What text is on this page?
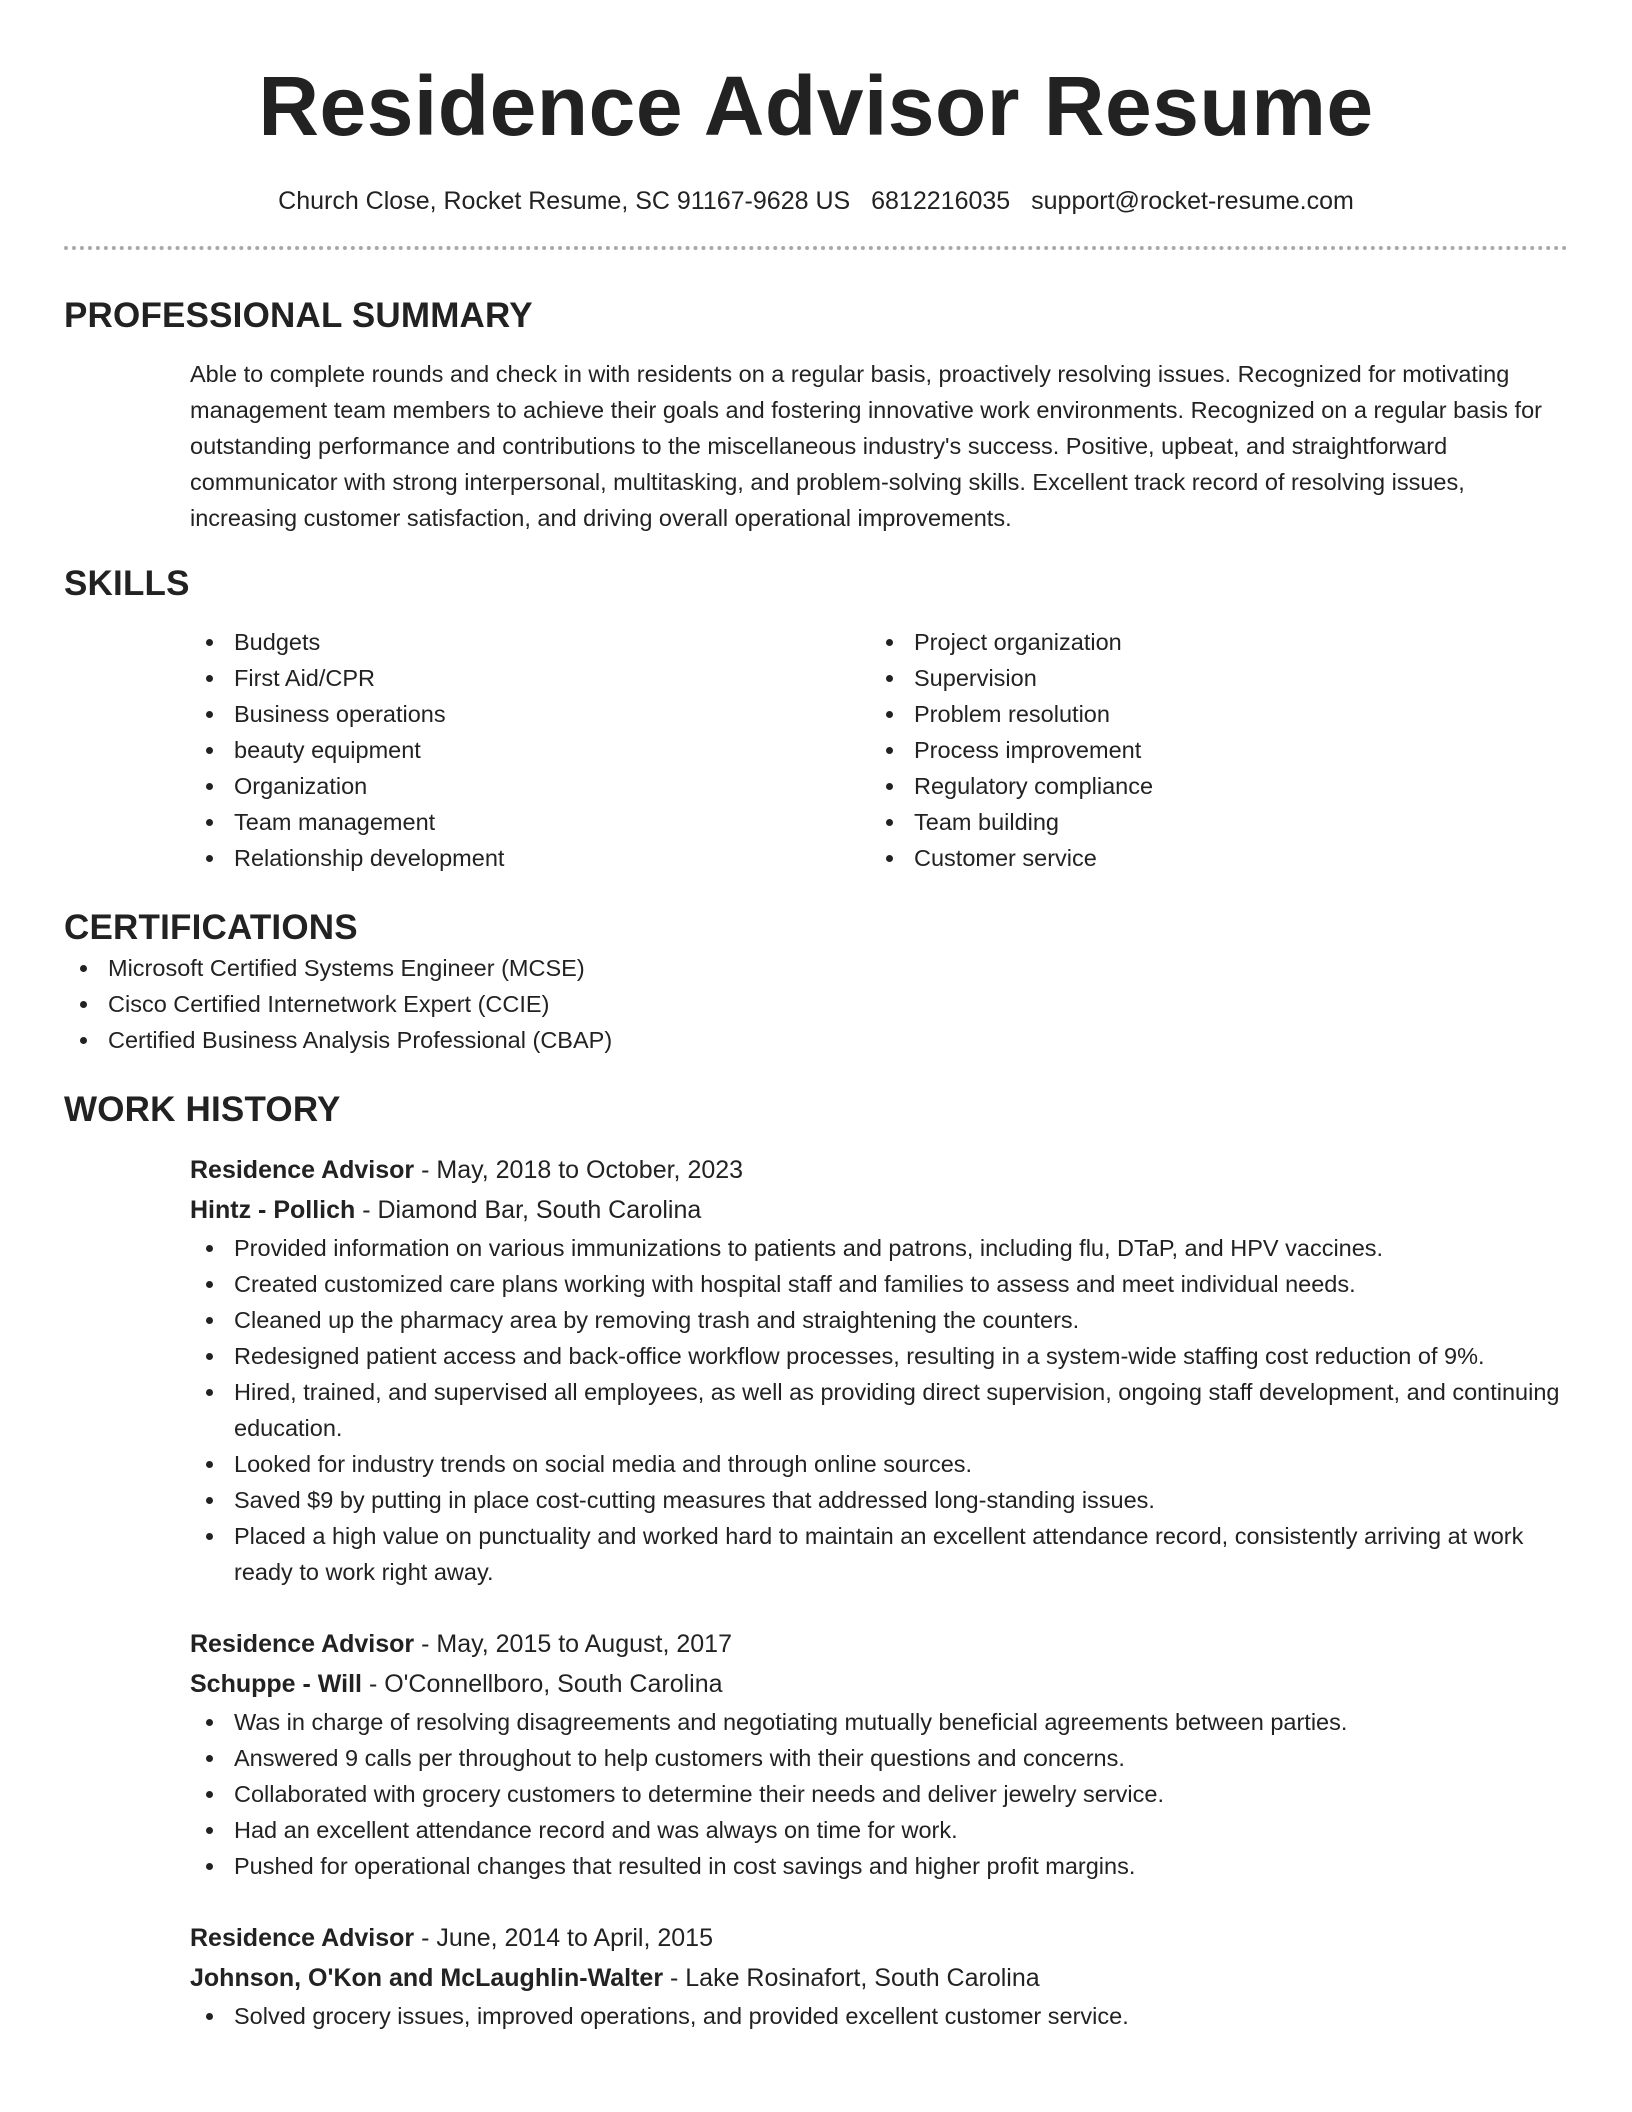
Residence Advisor Resume
Church Close, Rocket Resume, SC 91167-9628 US 6812216035 support@rocket-resume.com
PROFESSIONAL SUMMARY

Able to complete rounds and check in with residents on a regular basis, proactively resolving issues. Recognized for motivating management team members to achieve their goals and fostering innovative work environments. Recognized on a regular basis for outstanding performance and contributions to the miscellaneous industry's success. Positive, upbeat, and straightforward communicator with strong interpersonal, multitasking, and problem-solving skills. Excellent track record of resolving issues, increasing customer satisfaction, and driving overall operational improvements.

SKILLS
Budgets
First Aid/CPR
Business operations
beauty equipment
Organization
Team management
Relationship development
Project organization
Supervision
Problem resolution
Process improvement
Regulatory compliance
Team building
Customer service
CERTIFICATIONS
Microsoft Certified Systems Engineer (MCSE)
Cisco Certified Internetwork Expert (CCIE)
Certified Business Analysis Professional (CBAP)
WORK HISTORY
Residence Advisor - May, 2018 to October, 2023
Hintz - Pollich - Diamond Bar, South Carolina
Provided information on various immunizations to patients and patrons, including flu, DTaP, and HPV vaccines.
Created customized care plans working with hospital staff and families to assess and meet individual needs.
Cleaned up the pharmacy area by removing trash and straightening the counters.
Redesigned patient access and back-office workflow processes, resulting in a system-wide staffing cost reduction of 9%.
Hired, trained, and supervised all employees, as well as providing direct supervision, ongoing staff development, and continuing education.
Looked for industry trends on social media and through online sources.
Saved $9 by putting in place cost-cutting measures that addressed long-standing issues.
Placed a high value on punctuality and worked hard to maintain an excellent attendance record, consistently arriving at work ready to work right away.
Residence Advisor - May, 2015 to August, 2017
Schuppe - Will - O'Connellboro, South Carolina
Was in charge of resolving disagreements and negotiating mutually beneficial agreements between parties.
Answered 9 calls per throughout to help customers with their questions and concerns.
Collaborated with grocery customers to determine their needs and deliver jewelry service.
Had an excellent attendance record and was always on time for work.
Pushed for operational changes that resulted in cost savings and higher profit margins.
Residence Advisor - June, 2014 to April, 2015
Johnson, O'Kon and McLaughlin-Walter - Lake Rosinafort, South Carolina
Solved grocery issues, improved operations, and provided excellent customer service.
